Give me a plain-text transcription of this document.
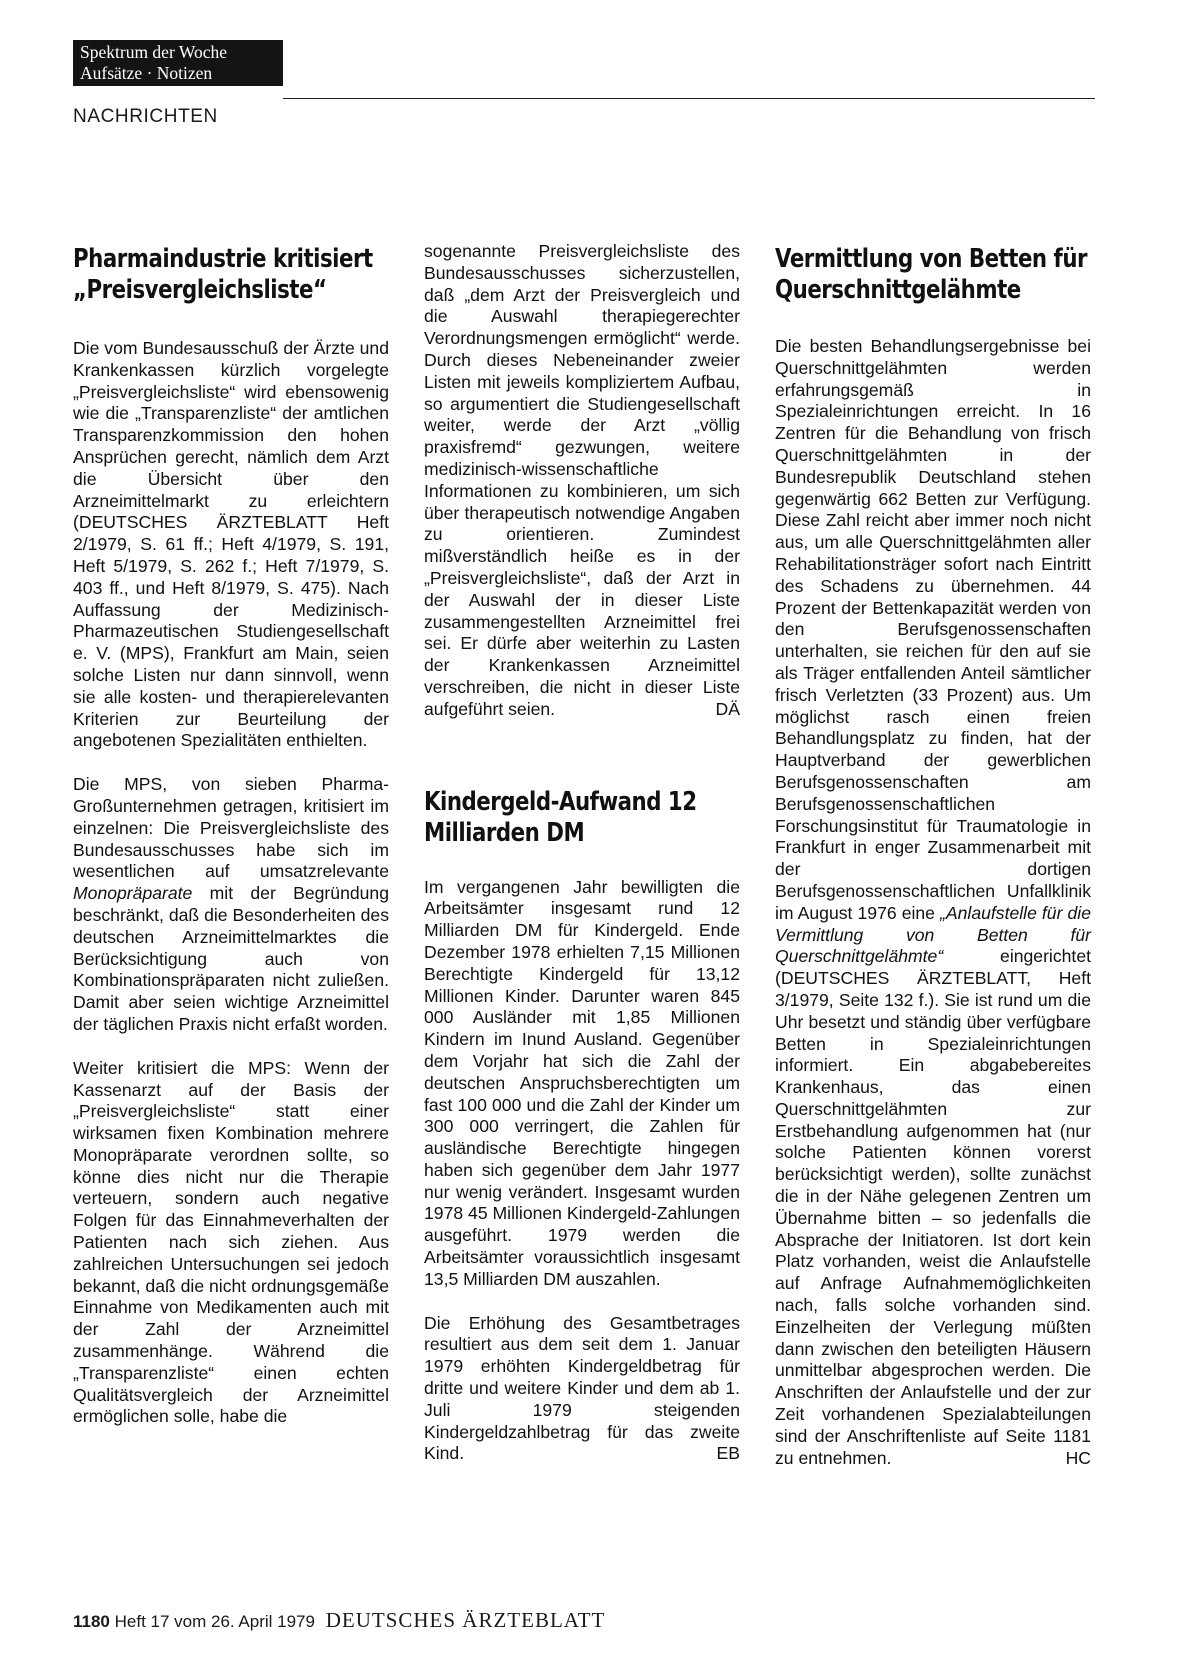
Spektrum der Woche
Aufsätze · Notizen
NACHRICHTEN
Pharmaindustrie kritisiert „Preisvergleichsliste“

Die vom Bundesausschuß der Ärzte und Krankenkassen kürzlich vorgelegte „Preisvergleichsliste“ wird ebensowenig wie die „Transparenzliste“ der amtlichen Transparenzkommission den hohen Ansprüchen gerecht, nämlich dem Arzt die Übersicht über den Arzneimittelmarkt zu erleichtern (DEUTSCHES ÄRZTEBLATT Heft 2/1979, S. 61 ff.; Heft 4/1979, S. 191, Heft 5/1979, S. 262 f.; Heft 7/1979, S. 403 ff., und Heft 8/1979, S. 475). Nach Auffassung der Medizinisch-Pharmazeutischen Studiengesellschaft e. V. (MPS), Frankfurt am Main, seien solche Listen nur dann sinnvoll, wenn sie alle kosten- und therapierelevanten Kriterien zur Beurteilung der angebotenen Spezialitäten enthielten.

Die MPS, von sieben Pharma-Großunternehmen getragen, kritisiert im einzelnen: Die Preisvergleichsliste des Bundesausschusses habe sich im wesentlichen auf umsatzrelevante Monopräparate mit der Begründung beschränkt, daß die Besonderheiten des deutschen Arzneimittelmarktes die Berücksichtigung auch von Kombinationspräparaten nicht zuließen. Damit aber seien wichtige Arzneimittel der täglichen Praxis nicht erfaßt worden.

Weiter kritisiert die MPS: Wenn der Kassenarzt auf der Basis der „Preisvergleichsliste“ statt einer wirksamen fixen Kombination mehrere Monopräparate verordnen sollte, so könne dies nicht nur die Therapie verteuern, sondern auch negative Folgen für das Einnahmeverhalten der Patienten nach sich ziehen. Aus zahlreichen Untersuchungen sei jedoch bekannt, daß die nicht ordnungsgemäße Einnahme von Medikamenten auch mit der Zahl der Arzneimittel zusammenhänge. Während die „Transparenzliste“ einen echten Qualitätsvergleich der Arzneimittel ermöglichen solle, habe die

sogenannte Preisvergleichsliste des Bundesausschusses sicherzustellen, daß „dem Arzt der Preisvergleich und die Auswahl therapiegerechter Verordnungsmengen ermöglicht“ werde. Durch dieses Nebeneinander zweier Listen mit jeweils kompliziertem Aufbau, so argumentiert die Studiengesellschaft weiter, werde der Arzt „völlig praxisfremd“ gezwungen, weitere medizinisch-wissenschaftliche Informationen zu kombinieren, um sich über therapeutisch notwendige Angaben zu orientieren. Zumindest mißverständlich heiße es in der „Preisvergleichsliste“, daß der Arzt in der Auswahl der in dieser Liste zusammengestellten Arzneimittel frei sei. Er dürfe aber weiterhin zu Lasten der Krankenkassen Arzneimittel verschreiben, die nicht in dieser Liste aufgeführt seien.	DÄ

Kindergeld-Aufwand 12 Milliarden DM

Im vergangenen Jahr bewilligten die Arbeitsämter insgesamt rund 12 Milliarden DM für Kindergeld. Ende Dezember 1978 erhielten 7,15 Millionen Berechtigte Kindergeld für 13,12 Millionen Kinder. Darunter waren 845 000 Ausländer mit 1,85 Millionen Kindern im Inund Ausland. Gegenüber dem Vorjahr hat sich die Zahl der deutschen Anspruchsberechtigten um fast 100 000 und die Zahl der Kinder um 300 000 verringert, die Zahlen für ausländische Berechtigte hingegen haben sich gegenüber dem Jahr 1977 nur wenig verändert. Insgesamt wurden 1978 45 Millionen Kindergeld-Zahlungen ausgeführt. 1979 werden die Arbeitsämter voraussichtlich insgesamt 13,5 Milliarden DM auszahlen.

Die Erhöhung des Gesamtbetrages resultiert aus dem seit dem 1. Januar 1979 erhöhten Kindergeldbetrag für dritte und weitere Kinder und dem ab 1. Juli 1979 steigenden Kindergeldzahlbetrag für das zweite Kind.	EB

Vermittlung von Betten für Querschnittgelähmte

Die besten Behandlungsergebnisse bei Querschnittgelähmten werden erfahrungsgemäß in Spezialeinrichtungen erreicht. In 16 Zentren für die Behandlung von frisch Querschnittgelähmten in der Bundesrepublik Deutschland stehen gegenwärtig 662 Betten zur Verfügung. Diese Zahl reicht aber immer noch nicht aus, um alle Querschnittgelähmten aller Rehabilitationsträger sofort nach Eintritt des Schadens zu übernehmen. 44 Prozent der Bettenkapazität werden von den Berufsgenossenschaften unterhalten, sie reichen für den auf sie als Träger entfallenden Anteil sämtlicher frisch Verletzten (33 Prozent) aus. Um möglichst rasch einen freien Behandlungsplatz zu finden, hat der Hauptverband der gewerblichen Berufsgenossenschaften am Berufsgenossenschaftlichen Forschungsinstitut für Traumatologie in Frankfurt in enger Zusammenarbeit mit der dortigen Berufsgenossenschaftlichen Unfallklinik im August 1976 eine „Anlaufstelle für die Vermittlung von Betten für Querschnittgelähmte“ eingerichtet (DEUTSCHES ÄRZTEBLATT, Heft 3/1979, Seite 132 f.). Sie ist rund um die Uhr besetzt und ständig über verfügbare Betten in Spezialeinrichtungen informiert. Ein abgabebereites Krankenhaus, das einen Querschnittgelähmten zur Erstbehandlung aufgenommen hat (nur solche Patienten können vorerst berücksichtigt werden), sollte zunächst die in der Nähe gelegenen Zentren um Übernahme bitten – so jedenfalls die Absprache der Initiatoren. Ist dort kein Platz vorhanden, weist die Anlaufstelle auf Anfrage Aufnahmemöglichkeiten nach, falls solche vorhanden sind. Einzelheiten der Verlegung müßten dann zwischen den beteiligten Häusern unmittelbar abgesprochen werden. Die Anschriften der Anlaufstelle und der zur Zeit vorhandenen Spezialabteilungen sind der Anschriftenliste auf Seite 1181 zu entnehmen.	HC

1180 Heft 17 vom 26. April 1979 DEUTSCHES ÄRZTEBLATT
